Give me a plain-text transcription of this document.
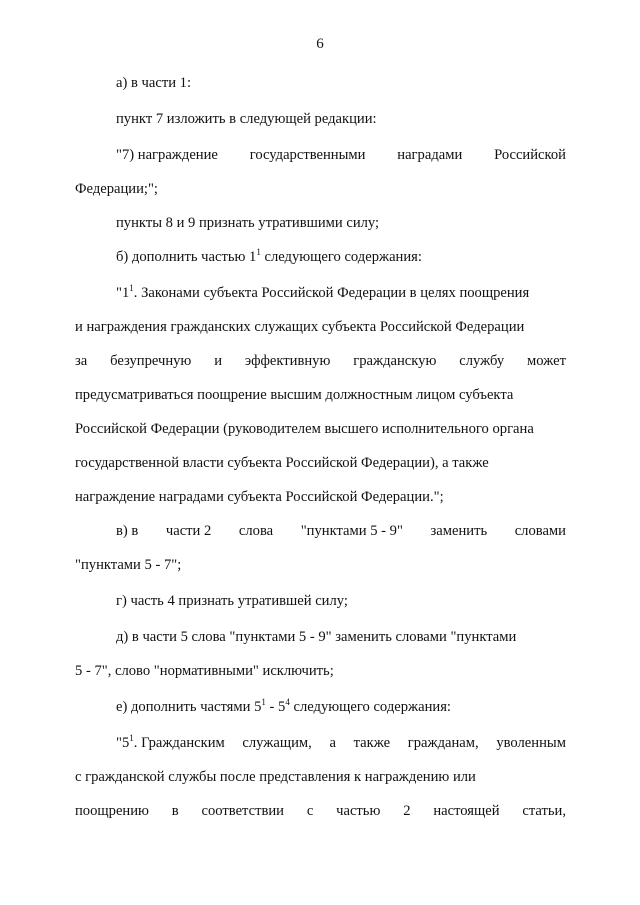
6
а) в части 1:
пункт 7 изложить в следующей редакции:
"7) награждение государственными наградами Российской
Федерации;";
пункты 8 и 9 признать утратившими силу;
б) дополнить частью $1^1$ следующего содержания:
"$1^1$. Законами субъекта Российской Федерации в целях поощрения
и награждения гражданских служащих субъекта Российской Федерации
за безупречную и эффективную гражданскую службу может
предусматриваться поощрение высшим должностным лицом субъекта
Российской Федерации (руководителем высшего исполнительного органа
государственной власти субъекта Российской Федерации), а также
награждение наградами субъекта Российской Федерации.";
в) в части 2 слова "пунктами 5 - 9" заменить словами
"пунктами 5 - 7";
г) часть 4 признать утратившей силу;
д) в части 5 слова "пунктами 5 - 9" заменить словами "пунктами
5 - 7", слово "нормативными" исключить;
е) дополнить частями $5^1 - 5^4$ следующего содержания:
"$5^1$. Гражданским служащим, а также гражданам, уволенным
с гражданской службы после представления к награждению или
поощрению в соответствии с частью 2 настоящей статьи,
